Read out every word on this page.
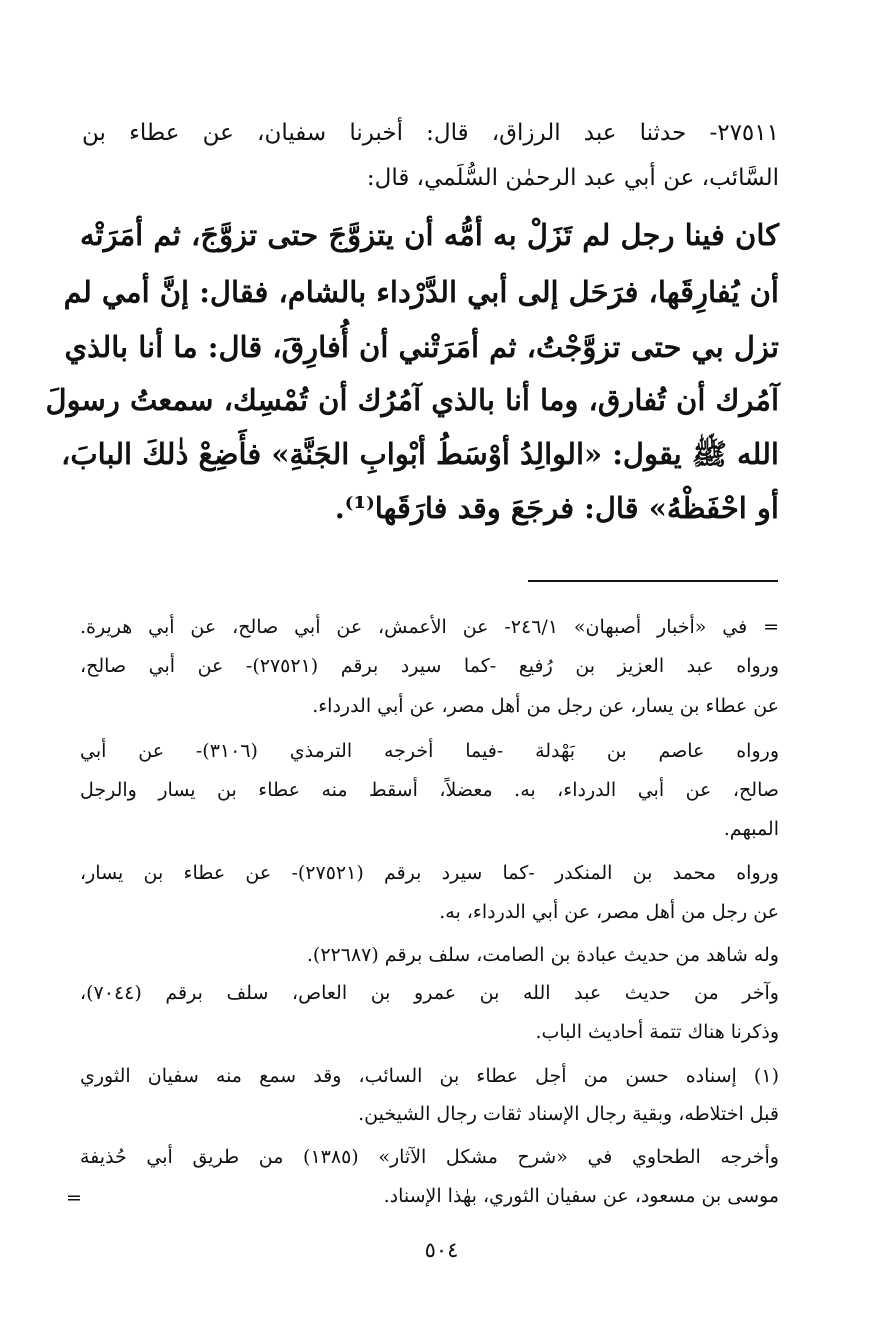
٢٧٥١١- حدثنا عبد الرزاق، قال: أخبرنا سفيان، عن عطاء بن
السَّائب، عن أبي عبد الرحمٰن السُّلَمي، قال:
كان فينا رجل لم تَزَلْ به أمُّه أن يتزوَّجَ حتى تزوَّجَ، ثم أمَرَتْه
أن يُفارِقَها، فرَحَل إلى أبي الدَّرْداء بالشام، فقال: إنَّ أمي لم
تزل بي حتى تزوَّجْتُ، ثم أمَرَتْني أن أُفارِقَ، قال: ما أنا بالذي
آمُرك أن تُفارق، وما أنا بالذي آمُرُك أن تُمْسِك، سمعتُ رسولَ
الله ﷺ يقول: «الوالِدُ أوْسَطُ أبْوابِ الجَنَّةِ» فأَضِعْ ذٰلكَ البابَ،
أو احْفَظْهُ» قال: فرجَعَ وقد فارَقَها⁽¹⁾.
= في «أخبار أصبهان» ٢٤٦/١- عن الأعمش، عن أبي صالح، عن أبي هريرة.
ورواه عبد العزيز بن رُفيع -كما سيرد برقم (٢٧٥٢١)- عن أبي صالح،
عن عطاء بن يسار، عن رجل من أهل مصر، عن أبي الدرداء.
ورواه عاصم بن بَهْدلة -فيما أخرجه الترمذي (٣١٠٦)- عن أبي
صالح، عن أبي الدرداء، به. معضلاً، أسقط منه عطاء بن يسار والرجل
المبهم.
ورواه محمد بن المنكدر -كما سيرد برقم (٢٧٥٢١)- عن عطاء بن يسار،
عن رجل من أهل مصر، عن أبي الدرداء، به.
وله شاهد من حديث عبادة بن الصامت، سلف برقم (٢٢٦٨٧).
وآخر من حديث عبد الله بن عمرو بن العاص، سلف برقم (٧٠٤٤)،
وذكرنا هناك تتمة أحاديث الباب.
(١) إسناده حسن من أجل عطاء بن السائب، وقد سمع منه سفيان الثوري
قبل اختلاطه، وبقية رجال الإسناد ثقات رجال الشيخين.
وأخرجه الطحاوي في «شرح مشكل الآثار» (١٣٨٥) من طريق أبي حُذيفة
موسى بن مسعود، عن سفيان الثوري، بهٰذا الإسناد.
=
٥٠٤
